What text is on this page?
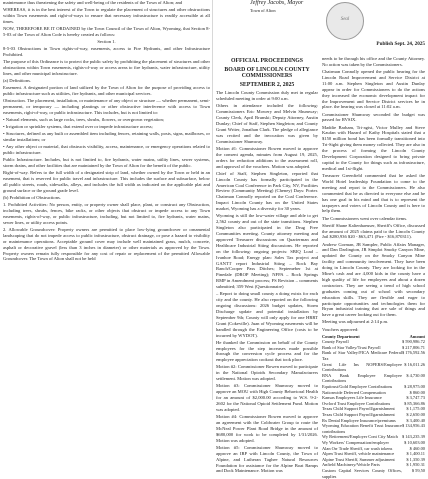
maintenance thus threatening the safety and well-being of the residents of the Town of Alton; and

WHEREAS, it is in the best interest of the Town to regulate the placement of structures and other obstructions within Town easements and right-of-ways to ensure that necessary infrastructure is readily accessible at all times.

NOW, THEREFORE BE IT ORDAINED by the Town Council of the Town of Alton, Wyoming, that Section 8-5-03 of the Town of Alton Code is hereby created as follows:

Section 1.

8-5-03 Obstructions in Town rights-of-way, easements, access to Fire Hydrants, and other Infrastructure Prohibited.

The purpose of this Ordinance is to protect the public safety by prohibiting the placement of structures and other obstructions within Town easements, rights-of-way or access areas to fire hydrants, water infrastructure, utility lines, and other municipal infrastructure.

(a) Definitions.

Easement. A designated portion of land utilized by the Town of Alton for the purpose of providing access to public infrastructure such as utilities, fire hydrants, and other municipal services.

Obstruction. The placement, installation, or maintenance of any object or structure — whether permanent, semi-permanent, or temporary — including plantings or other obstructive interference with access to Town easements, right-of-way, or public infrastructure. This includes, but is not limited to:

• Natural elements, such as large rocks, trees, shrubs, flowers, or overgrown vegetation;

• Irrigation or sprinkler systems, that extend over or impede infrastructure access;

• Structures, defined as any built or assembled item including fences, retaining walls, posts, signs, mailboxes, or similar installations; or

• Any other object or material, that obstructs visibility, access, maintenance, or emergency operations related to public infrastructure.

Public Infrastructure. Includes, but is not limited to, fire hydrants, water mains, utility lines, sewer systems, storm drains, and other facilities that are maintained by the Town of Alton for the benefit of the public.

Right-of-way. Refers to the full width of a designated strip of land, whether owned by the Town or held in an easement, that is reserved for public travel and infrastructure. This includes the surface and subsurface, below all public streets, roads, sidewalks, alleys, and includes the full width as indicated on the applicable plat and ground surface or the ground grade level.

(b) Prohibition of Obstructions.

1. Prohibited Activities: No person, entity, or property owner shall place, plant, or construct any Obstruction, including trees, shrubs, fences, bike racks, or other objects that obstruct or impede access to any Town easements, rights-of-way, or public infrastructure, including, but not limited to, fire hydrants, water mains, sewer lines, or utility access points.

2. Allowable Groundcover: Property owners are permitted to place low-lying groundcover or ornamental landscaping that do not impede access to public infrastructure, obstruct drainage, or pose a hazard to visibility or maintenance operations. Acceptable ground cover may include well maintained grass, mulch, concrete, asphalt or decorative gravel (less than 3 inches in diameter) or other materials as approved by the Town. Property owners remain fully responsible for any cost of repair or replacement of the permitted Allowable Groundcover. The Town of Alton shall not be held

Jeffrey Jacobs, Mayor
Town of Alton
OFFICIAL PROCEEDINGS
BOARD OF LINCOLN COUNTY COMMISSIONERS
SEPTEMBER 2, 2025

The Lincoln County Commission duly met in regular scheduled meeting in order at 9:00 a.m.

Others in attendance included the following: Commissioners Eric Mowery and Melvin Shumway; County Clerk, April Brunski; Deputy Attorney, Austin Dunlay; Chief of Staff, Stephen Singleton; and County Grant Writer, Jonathan Clark. The pledge of allegiance was recited and the invocation was given by Commissioner Shumway.

Motion #1: Commissioner Bowen moved to approve the consent agenda, minutes from August 19, 2025, orders for reduction additions to the assessment roll, and approval of the vouchers. Motion was adopted.

Chief of Staff, Stephen Singleton, reported that Lincoln County has formally participated in the American Coal Conference in Park City, NV, Facilities Review (Community Meeting) (Cheney) Days: Porter. Chairman Connolly reported on the Coal Conference. Impact Lincoln County has on the United States market, Wyoming has a diversity for 30 years.

Wyoming is still the low-water village and able to get 2,562 county and out of the state transitions. Stephen Singleton also participated in the Drug Free Communities meeting. County attorney meeting and approved Treasurer discussions on Quarterman and Healthcare Industrial Siting discussions. He reported on the following: ongoing projects: SBIQ Load – Ivanhoe Road; Energy plan: Sales Tax project and GANTT report Industrial Siting – Rock Bay Ranch/Cooper Pass Ditches; Septemeber 1st at Pinedale (DROP Meeting); NFPA – Rock Springs RMP in Amendment process; FS Revision – comments submitted; 359 West (Questionnaire)

– Report to doing small county a doing exists for each city and the county. He also reported on the following ongoing discussions: 2026 budget updates, Storm Discharge update and potential installation by September 9th; County will only apply for one HRRT Grant (Cokeville). Juan of Wyoming easements will be handled through the Engineering Office (costs to be incurred by WYDOT).

He thanked the Commission on behalf of the County employees for the step increases made possible through the conversion cycle process and for the employee appreciation cookout that took place.

Motion #2: Commissioner Bowen moved to participate in the National Opioids Secondary Manufacturers settlement. Motion was adopted.

Motion #3: Commissioner Shumway moved to approve an MOU with High County Behavioral Health for an amount of $2,000.00 according to W.S. 9-2-2602 for the National Opioid Settlement Fund. Motion was adopted.

Motion #4: Commissioner Bowen moved to approve an agreement with the Coldwater Group to route the McNeal Power Plant Road Bridge in the amount of $680,000 for work to be completed by 1/31/2026. Motion was adopted.

Motion #5: Commissioner Shumway moved to approve an IRP with Lincoln County, the Town of Alpine, and Lutheran Taghee Natural Resources Foundation for assistance for the Alpine Boat Ramps and Dock Maintenance. Motion was

Seal
Publish Sept. 24, 2025

needs to be through his office and the County Attorney. No action was taken by the Commissioners.

Chairman Connolly opened the public hearing for the Lincoln Road Improvement and Service District at 11:00 a.m. Stephen Singleton and Austin Dunlay appear in order for Commissioners to do the actions they increased the economic development impact for the Improvement and Service District services be in place. the hearing was closed at 11:02 a.m.

Commissioner Shumway seconded the budget was passed for RVSIX.

Maddie Barham, Tri-agist, Victor Mulley and Steve Kaufan with Hazard of Kathy Hospitals stated that a $150 million bond has been formally transitioned into Tri-Sight giving them money collected. They are also in the process of forming the Lincoln County Development Corporation designed to bring private capital to the County for things such as infrastructure, medical and 1st-flight.

Treasurer Greenfield commented that he asked the World Hotel leadership Foundation to come to the meeting and report to the Commissioners. He also commented that he as directed to everyone else and he has one goal in his mind and that is to represent the taxpayers and voters of Lincoln County and is here to help them.

The Commissioners went over calendar items.

Sheriff Shane Kaltenhaeuser, Sheriff's Office, discussed the amount of 2025 claims paid to the Lincoln County Jail $280,936 $20 - $63,471 (Fire - $16,870311).

Andrew Gorman, JR Sampler, Public Affairs Manager, and Dan Darlington, JR Simplot Smoky Canyon Mine, updated the County on the Smoky Canyon Mine facility and community involvement. They have been doing in Lincoln County. They are looking for in the Mine's cash and are 4,000 kids in the county have a high quality of life for employees and about a dozen contractors. They are seeing a trend of high school graduates coming out of school with secondary education skills. They are flexible and eager to participate opportunities and technologies them for Bryan industrial training that are sale of things and have a great career looking out for them.

Meeting was adjourned at 2:14 p.m.

Vouchers approved:

County Department	Amount
County Payroll	$ 590,986.72
Bank of Star Valley/Trust Payroll	$ 217,806.71
Bank of Star Valley/FICA Medicare Federal Tax	$ 176,592.56
Great Life Ins NOPERS/Employee Contributions	$ 16,011.26
BNA Bank Employee Employee Contributions	$ 4,730.00
Equitrust/Gold Employee Contributions	$ 28,975.00
Nationwide Deferred Compensation	$ 860.00
Kansas Employees Life Insurance	$ 3,747.73
Ovrlord Trust Employee Contributions	$ 85,366.86
Texas Child Support Payroll/garnishment	$ 1,175.00
Texas Child Support Payroll/garnishment	$ 2,650.00
Rx Dental Employee Insurance/premiums	$ 3,400.40
Wyoming Education Benefit Trust Insurance contributions	$ 134,956.43
Wy Retirement/Employer Cont City Match	$ 143,235.39
Wy Workers' Compensation/employer	$ 10,603.00
Alan Orr Trade Sheriff, car wash tokens	$ 460.00
Alpen Trust Sheriff, vehicle maintenance	$ 1,400.11
Alpine Trust Sheriff, Summer adjustment	$ 1,350.39
Anfield Machinery/Vehicle Parts	$ 1,950.31
Custom Capital Services County Offices, supplies	$ 59,50
